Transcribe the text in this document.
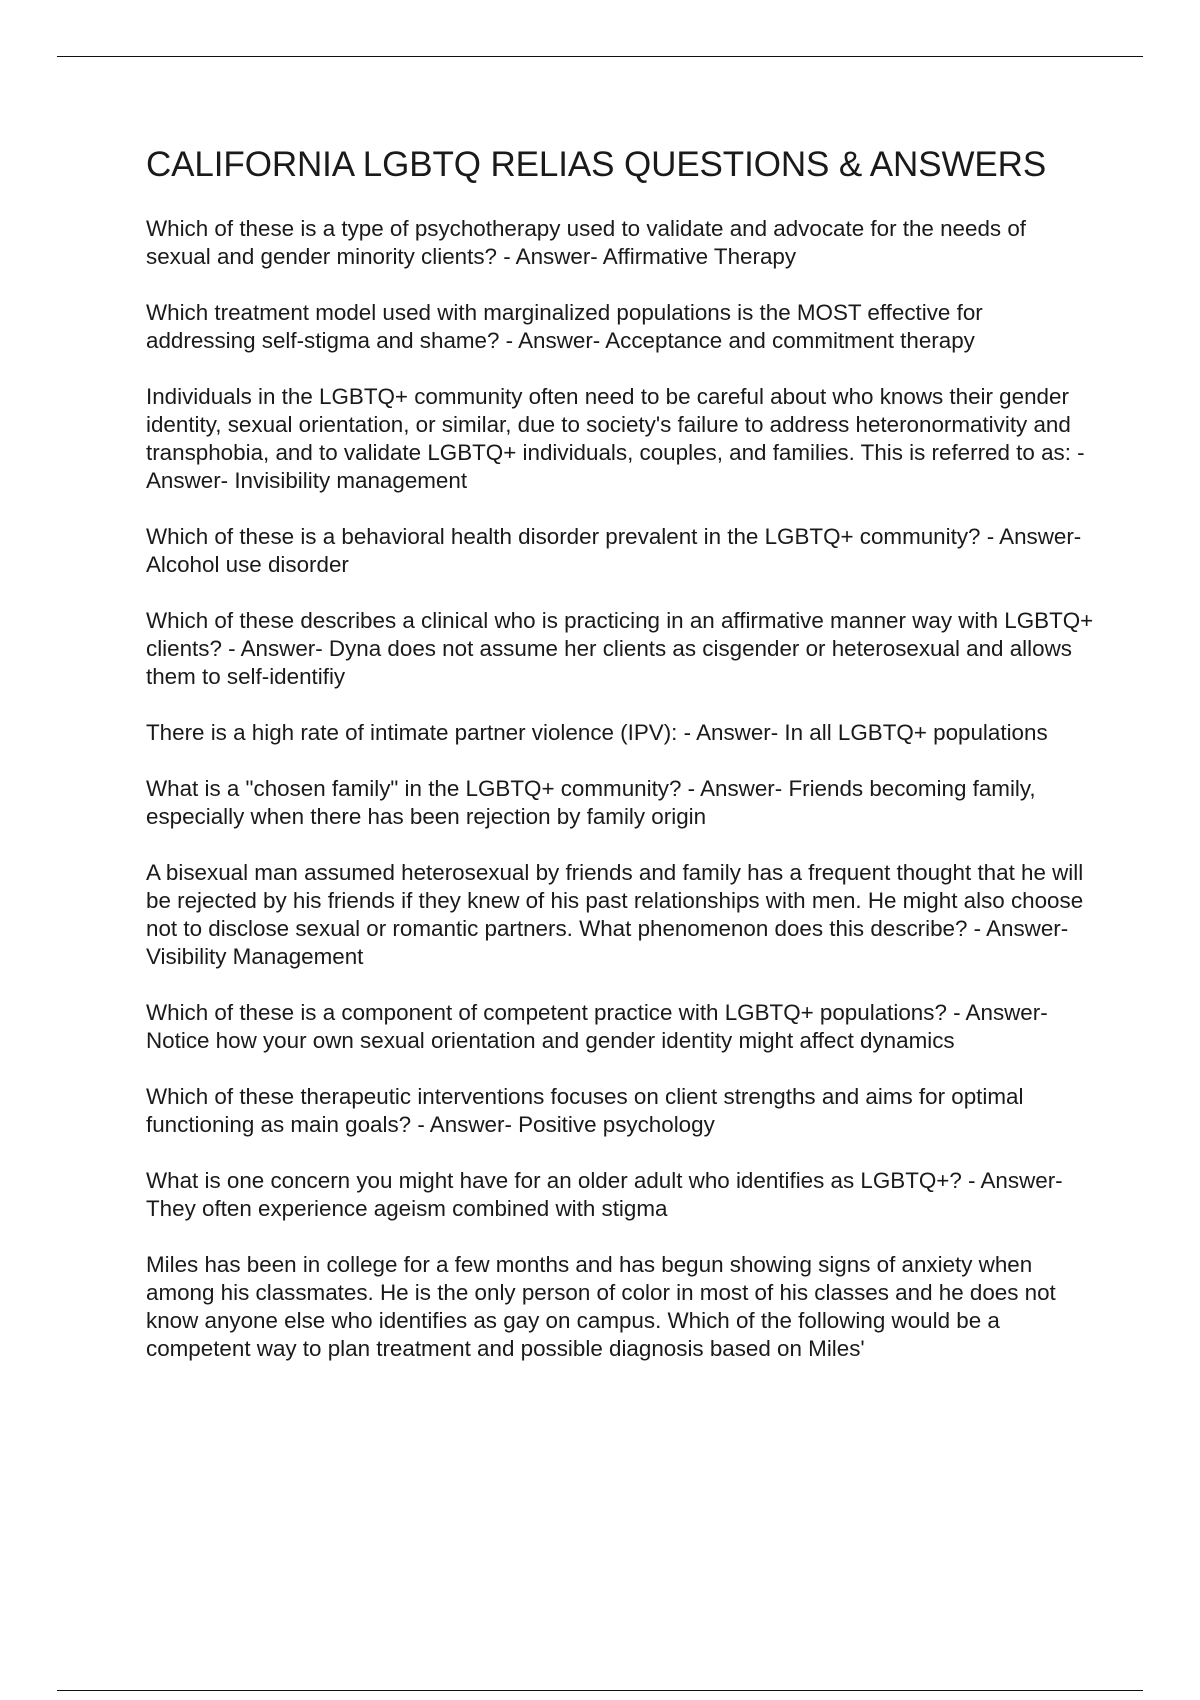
CALIFORNIA LGBTQ RELIAS QUESTIONS & ANSWERS

Which of these is a type of psychotherapy used to validate and advocate for the needs of sexual and gender minority clients? - Answer- Affirmative Therapy

Which treatment model used with marginalized populations is the MOST effective for addressing self-stigma and shame? - Answer- Acceptance and commitment therapy

Individuals in the LGBTQ+ community often need to be careful about who knows their gender identity, sexual orientation, or similar, due to society's failure to address heteronormativity and transphobia, and to validate LGBTQ+ individuals, couples, and families. This is referred to as: - Answer- Invisibility management

Which of these is a behavioral health disorder prevalent in the LGBTQ+ community? - Answer- Alcohol use disorder

Which of these describes a clinical who is practicing in an affirmative manner way with LGBTQ+ clients? - Answer- Dyna does not assume her clients as cisgender or heterosexual and allows them to self-identifiy

There is a high rate of intimate partner violence (IPV): - Answer- In all LGBTQ+ populations

What is a "chosen family" in the LGBTQ+ community? - Answer- Friends becoming family, especially when there has been rejection by family origin

A bisexual man assumed heterosexual by friends and family has a frequent thought that he will be rejected by his friends if they knew of his past relationships with men. He might also choose not to disclose sexual or romantic partners. What phenomenon does this describe? - Answer- Visibility Management

Which of these is a component of competent practice with LGBTQ+ populations? - Answer- Notice how your own sexual orientation and gender identity might affect dynamics

Which of these therapeutic interventions focuses on client strengths and aims for optimal functioning as main goals? - Answer- Positive psychology

What is one concern you might have for an older adult who identifies as LGBTQ+? - Answer- They often experience ageism combined with stigma

Miles has been in college for a few months and has begun showing signs of anxiety when among his classmates. He is the only person of color in most of his classes and he does not know anyone else who identifies as gay on campus. Which of the following would be a competent way to plan treatment and possible diagnosis based on Miles'
